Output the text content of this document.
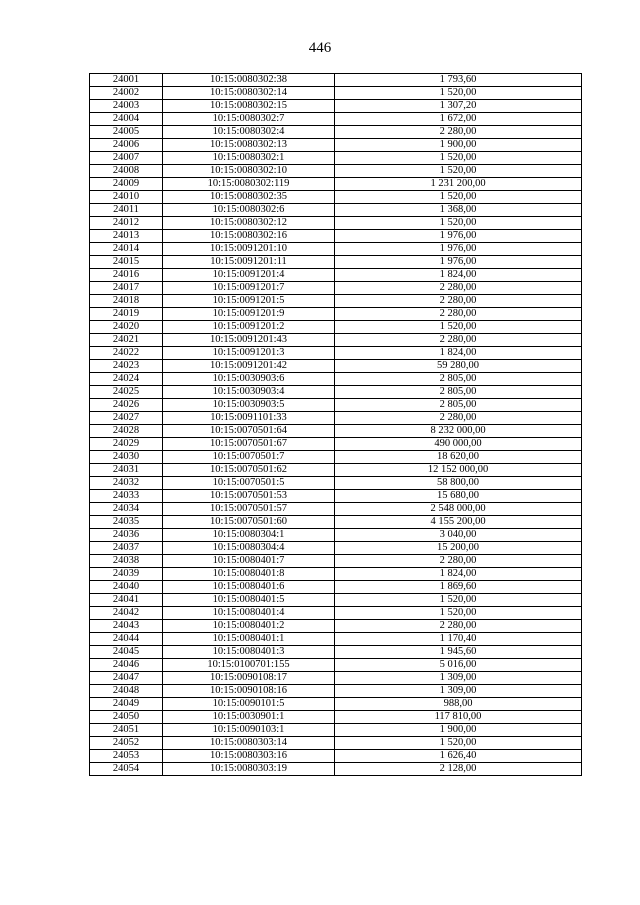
446
24001	10:15:0080302:38	1 793,60
24002	10:15:0080302:14	1 520,00
24003	10:15:0080302:15	1 307,20
24004	10:15:0080302:7	1 672,00
24005	10:15:0080302:4	2 280,00
24006	10:15:0080302:13	1 900,00
24007	10:15:0080302:1	1 520,00
24008	10:15:0080302:10	1 520,00
24009	10:15:0080302:119	1 231 200,00
24010	10:15:0080302:35	1 520,00
24011	10:15:0080302:6	1 368,00
24012	10:15:0080302:12	1 520,00
24013	10:15:0080302:16	1 976,00
24014	10:15:0091201:10	1 976,00
24015	10:15:0091201:11	1 976,00
24016	10:15:0091201:4	1 824,00
24017	10:15:0091201:7	2 280,00
24018	10:15:0091201:5	2 280,00
24019	10:15:0091201:9	2 280,00
24020	10:15:0091201:2	1 520,00
24021	10:15:0091201:43	2 280,00
24022	10:15:0091201:3	1 824,00
24023	10:15:0091201:42	59 280,00
24024	10:15:0030903:6	2 805,00
24025	10:15:0030903:4	2 805,00
24026	10:15:0030903:5	2 805,00
24027	10:15:0091101:33	2 280,00
24028	10:15:0070501:64	8 232 000,00
24029	10:15:0070501:67	490 000,00
24030	10:15:0070501:7	18 620,00
24031	10:15:0070501:62	12 152 000,00
24032	10:15:0070501:5	58 800,00
24033	10:15:0070501:53	15 680,00
24034	10:15:0070501:57	2 548 000,00
24035	10:15:0070501:60	4 155 200,00
24036	10:15:0080304:1	3 040,00
24037	10:15:0080304:4	15 200,00
24038	10:15:0080401:7	2 280,00
24039	10:15:0080401:8	1 824,00
24040	10:15:0080401:6	1 869,60
24041	10:15:0080401:5	1 520,00
24042	10:15:0080401:4	1 520,00
24043	10:15:0080401:2	2 280,00
24044	10:15:0080401:1	1 170,40
24045	10:15:0080401:3	1 945,60
24046	10:15:0100701:155	5 016,00
24047	10:15:0090108:17	1 309,00
24048	10:15:0090108:16	1 309,00
24049	10:15:0090101:5	988,00
24050	10:15:0030901:1	117 810,00
24051	10:15:0090103:1	1 900,00
24052	10:15:0080303:14	1 520,00
24053	10:15:0080303:16	1 626,40
24054	10:15:0080303:19	2 128,00
